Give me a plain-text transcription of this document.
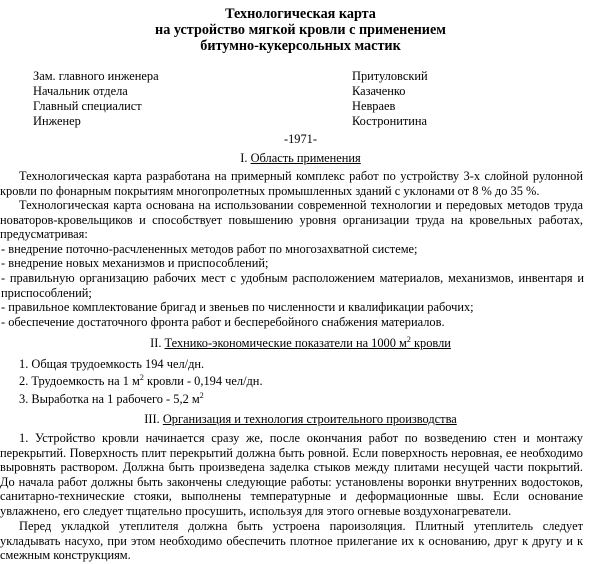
Технологическая карта
на устройство мягкой кровли с применением
битумно-кукерсольных мастик
Зам. главного инженера	Притуловский
Начальник отдела	Казаченко
Главный специалист	Невраев
Инженер	Костронитина
-1971-
I. Область применения
Технологическая карта разработана на примерный комплекс работ по устройству 3-х слойной рулонной кровли по фонарным покрытиям многопролетных промышленных зданий с уклонами от 8 % до 35 %.
Технологическая карта основана на использовании современной технологии и передовых методов труда новаторов-кровельщиков и способствует повышению уровня организации труда на кровельных работах, предусматривая:
- внедрение поточно-расчлененных методов работ по многозахватной системе;
- внедрение новых механизмов и приспособлений;
- правильную организацию рабочих мест с удобным расположением материалов, механизмов, инвентаря и приспособлений;
- правильное комплектование бригад и звеньев по численности и квалификации рабочих;
- обеспечение достаточного фронта работ и бесперебойного снабжения материалов.
II. Технико-экономические показатели на 1000 $м^2$ кровли
1. Общая трудоемкость 194 чел/дн.
2. Трудоемкость на 1 $м^2$ кровли - 0,194 чел/дн.
3. Выработка на 1 рабочего - 5,2 $м^2$
III. Организация и технология строительного производства
1. Устройство кровли начинается сразу же, после окончания работ по возведению стен и монтажу перекрытий. Поверхность плит перекрытий должна быть ровной. Если поверхность неровная, ее необходимо выровнять раствором. Должна быть произведена заделка стыков между плитами несущей части покрытий. До начала работ должны быть закончены следующие работы: установлены воронки внутренних водостоков, санитарно-технические стояки, выполнены температурные и деформационные швы. Если основание увлажнено, его следует тщательно просушить, используя для этого огневые воздухонагреватели.
Перед укладкой утеплителя должна быть устроена пароизоляция. Плитный утеплитель следует укладывать насухо, при этом необходимо обеспечить плотное прилегание их к основанию, друг к другу и к смежным конструкциям.
